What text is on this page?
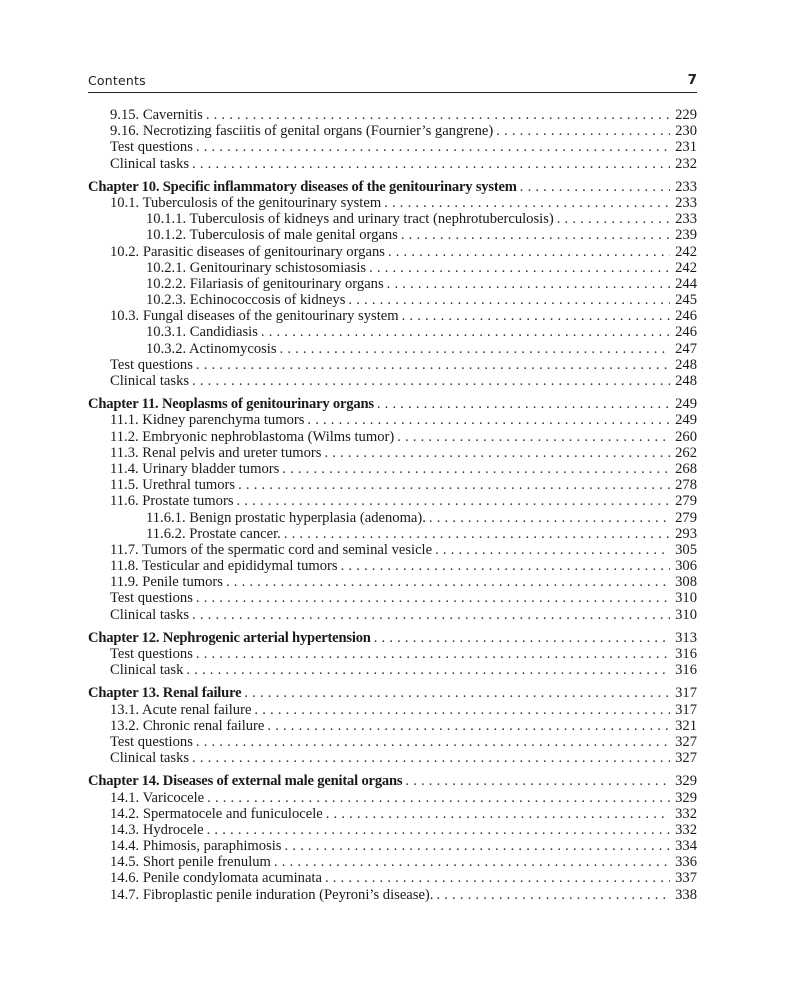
Contents	7
9.15. Cavernitis . . .	229
9.16. Necrotizing fasciitis of genital organs (Fournier’s gangrene) . . .	230
Test questions . . .	231
Clinical tasks . . .	232
Chapter 10. Specific inflammatory diseases of the genitourinary system . . .	233
10.1. Tuberculosis of the genitourinary system . . .	233
10.1.1. Tuberculosis of kidneys and urinary tract (nephrotuberculosis) . . .	233
10.1.2. Tuberculosis of male genital organs . . .	239
10.2. Parasitic diseases of genitourinary organs . . .	242
10.2.1. Genitourinary schistosomiasis . . .	242
10.2.2. Filariasis of genitourinary organs . . .	244
10.2.3. Echinococcosis of kidneys . . .	245
10.3. Fungal diseases of the genitourinary system . . .	246
10.3.1. Candidiasis . . .	246
10.3.2. Actinomycosis . . .	247
Test questions . . .	248
Clinical tasks . . .	248
Chapter 11. Neoplasms of genitourinary organs . . .	249
11.1. Kidney parenchyma tumors . . .	249
11.2. Embryonic nephroblastoma (Wilms tumor) . . .	260
11.3. Renal pelvis and ureter tumors . . .	262
11.4. Urinary bladder tumors . . .	268
11.5. Urethral tumors . . .	278
11.6. Prostate tumors . . .	279
11.6.1. Benign prostatic hyperplasia (adenoma). . . .	279
11.6.2. Prostate cancer. . . .	293
11.7. Tumors of the spermatic cord and seminal vesicle . . .	305
11.8. Testicular and epididymal tumors . . .	306
11.9. Penile tumors . . .	308
Test questions . . .	310
Clinical tasks . . .	310
Chapter 12. Nephrogenic arterial hypertension . . .	313
Test questions . . .	316
Clinical task . . .	316
Chapter 13. Renal failure . . .	317
13.1. Acute renal failure . . .	317
13.2. Chronic renal failure . . .	321
Test questions . . .	327
Clinical tasks . . .	327
Chapter 14. Diseases of external male genital organs . . .	329
14.1. Varicocele . . .	329
14.2. Spermatocele and funiculocele . . .	332
14.3. Hydrocele . . .	332
14.4. Phimosis, paraphimosis . . .	334
14.5. Short penile frenulum . . .	336
14.6. Penile condylomata acuminata . . .	337
14.7. Fibroplastic penile induration (Peyroni’s disease). . . .	338
